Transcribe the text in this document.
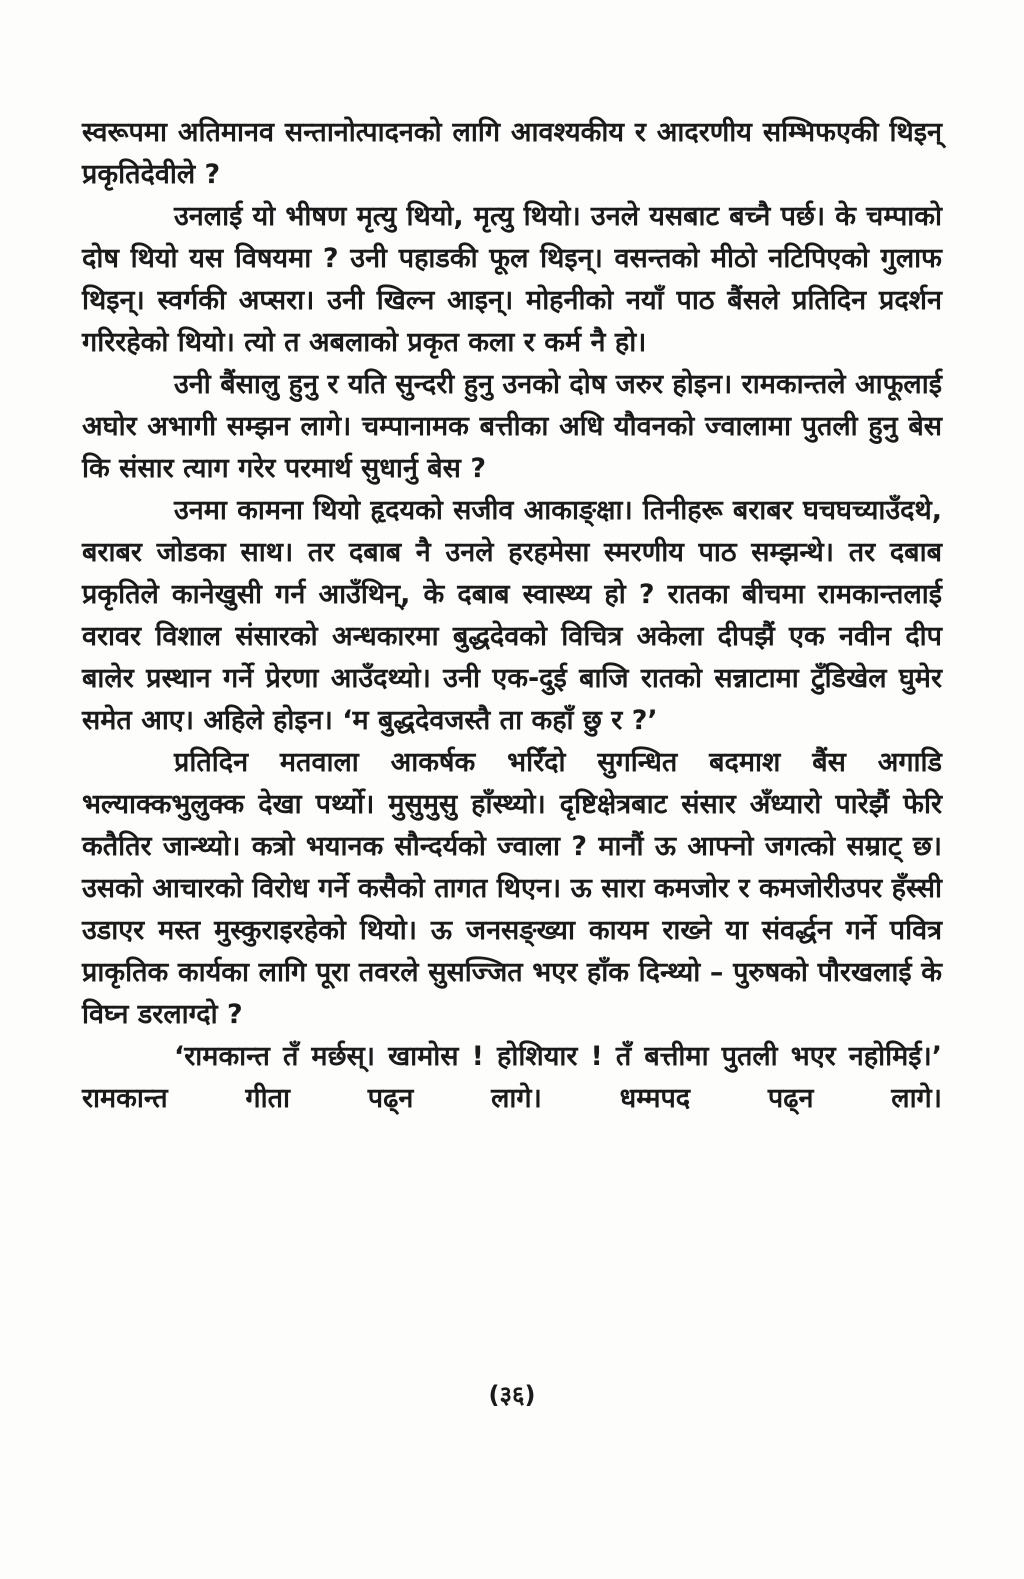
स्वरूपमा अतिमानव सन्तानोत्पादनको लागि आवश्यकीय र आदरणीय सम्भिफएकी थिइन् प्रकृतिदेवीले ?

उनलाई यो भीषण मृत्यु थियो, मृत्यु थियो। उनले यसबाट बच्नै पर्छ। के चम्पाको दोष थियो यस विषयमा ? उनी पहाडकी फूल थिइन्। वसन्तको मीठो नटिपिएको गुलाफ थिइन्। स्वर्गकी अप्सरा। उनी खिल्न आइन्। मोहनीको नयाँ पाठ बैंसले प्रतिदिन प्रदर्शन गरिरहेको थियो। त्यो त अबलाको प्रकृत कला र कर्म नै हो।

उनी बैंसालु हुनु र यति सुन्दरी हुनु उनको दोष जरुर होइन। रामकान्तले आफूलाई अघोर अभागी सम्झन लागे। चम्पानामक बत्तीका अधि यौवनको ज्वालामा पुतली हुनु बेस कि संसार त्याग गरेर परमार्थ सुधार्नु बेस ?

उनमा कामना थियो हृदयको सजीव आकाङ्क्षा। तिनीहरू बराबर घचघच्याउँदथे, बराबर जोडका साथ। तर दबाब नै उनले हरहमेसा स्मरणीय पाठ सम्झन्थे। तर दबाब प्रकृतिले कानेखुसी गर्न आउँथिन्, के दबाब स्वास्थ्य हो ? रातका बीचमा रामकान्तलाई वरावर विशाल संसारको अन्धकारमा बुद्धदेवको विचित्र अकेला दीपझैं एक नवीन दीप बालेर प्रस्थान गर्ने प्रेरणा आउँदथ्यो। उनी एक-दुई बाजि रातको सन्नाटामा टुँडिखेल घुमेर समेत आए। अहिले होइन। ‘म बुद्धदेवजस्तै ता कहाँ छु र ?’

प्रतिदिन मतवाला आकर्षक भरिँदो सुगन्धित बदमाश बैंस अगाडि भल्याक्कभुलुक्क देखा पर्थ्यो। मुसुमुसु हाँस्थ्यो। दृष्टिक्षेत्रबाट संसार अँध्यारो पारेझैं फेरि कतैतिर जान्थ्यो। कत्रो भयानक सौन्दर्यको ज्वाला ? मानौं ऊ आफ्नो जगत्को सम्राट् छ। उसको आचारको विरोध गर्ने कसैको तागत थिएन। ऊ सारा कमजोर र कमजोरीउपर हँस्सी उडाएर मस्त मुस्कुराइरहेको थियो। ऊ जनसङ्ख्या कायम राख्ने या संवर्द्धन गर्ने पवित्र प्राकृतिक कार्यका लागि पूरा तवरले सुसज्जित भएर हाँक दिन्थ्यो – पुरुषको पौरखलाई के विघ्न डरलाग्दो ?

‘रामकान्त तँ मर्छस्। खामोस ! होशियार ! तँ बत्तीमा पुतली भएर नहोमिई।’ रामकान्त गीता पढ्न लागे। धम्मपद पढ्न लागे।

(३६)
